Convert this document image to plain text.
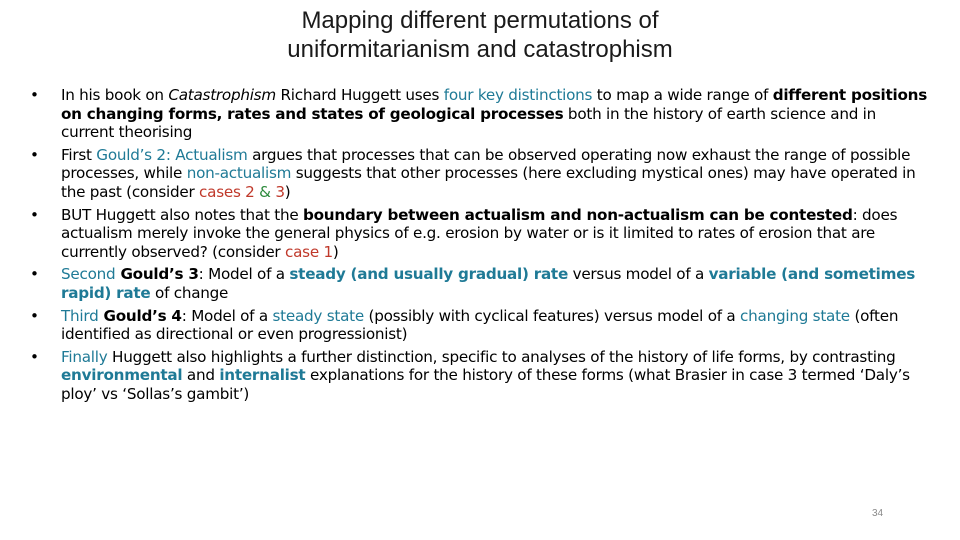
Mapping different permutations of
uniformitarianism and catastrophism
• In his book on Catastrophism Richard Huggett uses four key distinctions to map a wide range of different positions on changing forms, rates and states of geological processes both in the history of earth science and in current theorising
• First Gould’s 2: Actualism argues that processes that can be observed operating now exhaust the range of possible processes, while non-actualism suggests that other processes (here excluding mystical ones) may have operated in the past (consider cases 2 & 3)
• BUT Huggett also notes that the boundary between actualism and non-actualism can be contested: does actualism merely invoke the general physics of e.g. erosion by water or is it limited to rates of erosion that are currently observed? (consider case 1)
• Second Gould’s 3: Model of a steady (and usually gradual) rate versus model of a variable (and sometimes rapid) rate of change
• Third Gould’s 4: Model of a steady state (possibly with cyclical features) versus model of a changing state (often identified as directional or even progressionist)
• Finally Huggett also highlights a further distinction, specific to analyses of the history of life forms, by contrasting environmental and internalist explanations for the history of these forms (what Brasier in case 3 termed ‘Daly’s ploy’ vs ‘Sollas’s gambit’)
34
